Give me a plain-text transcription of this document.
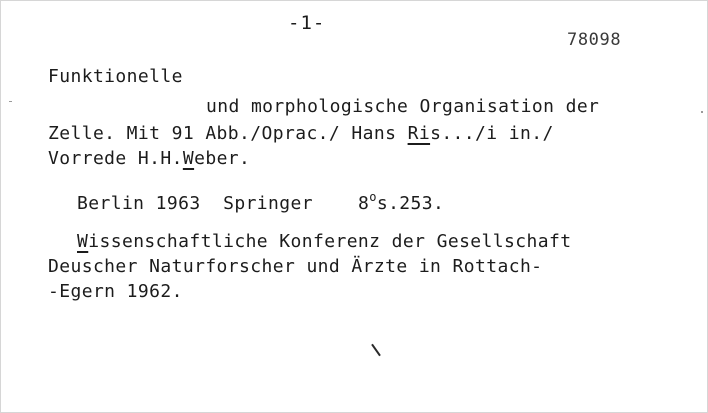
-1-
78098
Funktionelle
und morphologische Organisation der
Zelle. Mit 91 Abb./Oprac./ Hans Ris.../i in./
Vorrede H.H.Weber.
Berlin 1963 Springer 8$^o$s.253.
Wissenschaftliche Konferenz der Gesellschaft
Deuscher Naturforscher und Ärzte in Rottach-
-Egern 1962.
